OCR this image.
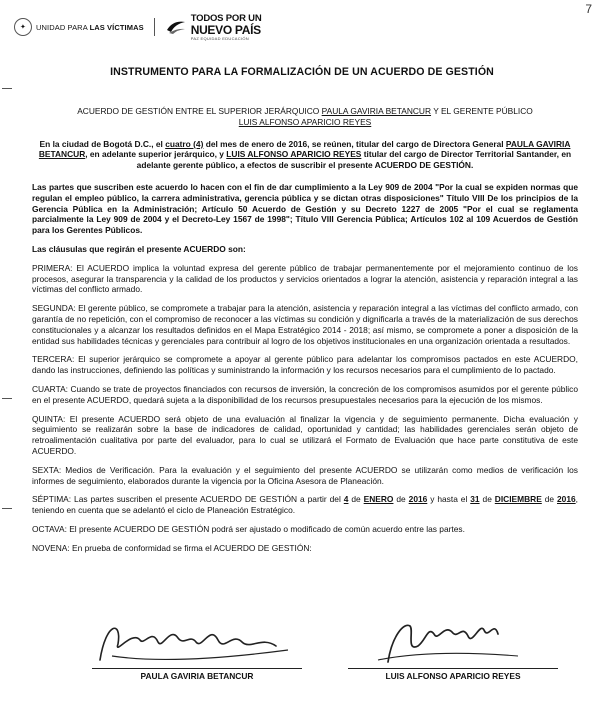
7
✦	UNIDAD PARA LAS VÍCTIMAS
TODOS POR UN
NUEVO PAÍS
PAZ EQUIDAD EDUCACIÓN
INSTRUMENTO PARA LA FORMALIZACIÓN DE UN ACUERDO DE GESTIÓN

ACUERDO DE GESTIÓN ENTRE EL SUPERIOR JERÁRQUICO PAULA GAVIRIA BETANCUR Y EL GERENTE PÚBLICO LUIS ALFONSO APARICIO REYES

En la ciudad de Bogotá D.C., el cuatro (4) del mes de enero de 2016, se reúnen, titular del cargo de Directora General PAULA GAVIRIA BETANCUR, en adelante superior jerárquico, y LUIS ALFONSO APARICIO REYES titular del cargo de Director Territorial Santander, en adelante gerente público, a efectos de suscribir el presente ACUERDO DE GESTIÓN.

Las partes que suscriben este acuerdo lo hacen con el fin de dar cumplimiento a la Ley 909 de 2004 "Por la cual se expiden normas que regulan el empleo público, la carrera administrativa, gerencia pública y se dictan otras disposiciones" Título VIII De los principios de la Gerencia Pública en la Administración; Artículo 50 Acuerdo de Gestión y su Decreto 1227 de 2005 "Por el cual se reglamenta parcialmente la Ley 909 de 2004 y el Decreto-Ley 1567 de 1998"; Título VIII Gerencia Pública; Artículos 102 al 109 Acuerdos de Gestión para los Gerentes Públicos.

Las cláusulas que regirán el presente ACUERDO son:

PRIMERA: El ACUERDO implica la voluntad expresa del gerente público de trabajar permanentemente por el mejoramiento continuo de los procesos, asegurar la transparencia y la calidad de los productos y servicios orientados a lograr la atención, asistencia y reparación integral a las víctimas del conflicto armado.

SEGUNDA: El gerente público, se compromete a trabajar para la atención, asistencia y reparación integral a las víctimas del conflicto armado, con garantía de no repetición, con el compromiso de reconocer a las víctimas su condición y dignificarla a través de la materialización de sus derechos constitucionales y a alcanzar los resultados definidos en el Mapa Estratégico 2014 - 2018; así mismo, se compromete a poner a disposición de la entidad sus habilidades técnicas y gerenciales para contribuir al logro de los objetivos institucionales en una organización orientada a resultados.

TERCERA: El superior jerárquico se compromete a apoyar al gerente público para adelantar los compromisos pactados en este ACUERDO, dando las instrucciones, definiendo las políticas y suministrando la información y los recursos necesarios para el cumplimiento de lo pactado.

CUARTA: Cuando se trate de proyectos financiados con recursos de inversión, la concreción de los compromisos asumidos por el gerente público en el presente ACUERDO, quedará sujeta a la disponibilidad de los recursos presupuestales necesarios para la ejecución de los mismos.

QUINTA: El presente ACUERDO será objeto de una evaluación al finalizar la vigencia y de seguimiento permanente. Dicha evaluación y seguimiento se realizarán sobre la base de indicadores de calidad, oportunidad y cantidad; las habilidades gerenciales serán objeto de retroalimentación cualitativa por parte del evaluador, para lo cual se utilizará el Formato de Evaluación que hace parte constitutiva de este ACUERDO.

SEXTA: Medios de Verificación. Para la evaluación y el seguimiento del presente ACUERDO se utilizarán como medios de verificación los informes de seguimiento, elaborados durante la vigencia por la Oficina Asesora de Planeación.

SÉPTIMA: Las partes suscriben el presente ACUERDO DE GESTIÓN a partir del 4 de ENERO de 2016 y hasta el 31 de DICIEMBRE de 2016, teniendo en cuenta que se adelantó el ciclo de Planeación Estratégico.

OCTAVA: El presente ACUERDO DE GESTIÓN podrá ser ajustado o modificado de común acuerdo entre las partes.

NOVENA: En prueba de conformidad se firma el ACUERDO DE GESTIÓN:

PAULA GAVIRIA BETANCUR	LUIS ALFONSO APARICIO REYES
